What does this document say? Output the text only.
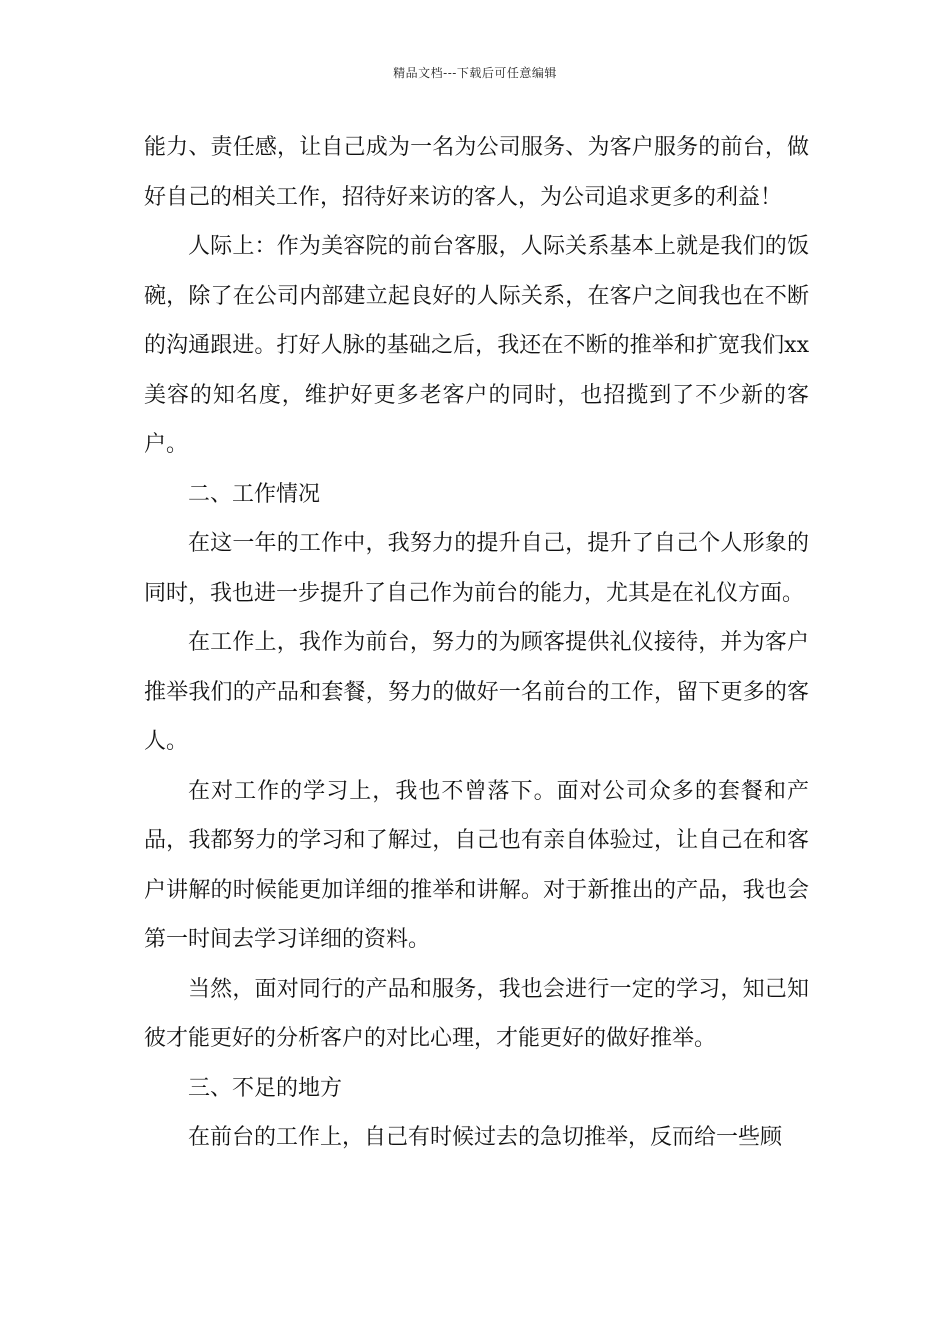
精品文档---下载后可任意编辑

能力、责任感，让自己成为一名为公司服务、为客户服务的前台，做好自己的相关工作，招待好来访的客人，为公司追求更多的利益！

人际上：作为美容院的前台客服，人际关系基本上就是我们的饭碗，除了在公司内部建立起良好的人际关系，在客户之间我也在不断的沟通跟进。打好人脉的基础之后，我还在不断的推举和扩宽我们xx美容的知名度，维护好更多老客户的同时，也招揽到了不少新的客户。

二、工作情况

在这一年的工作中，我努力的提升自己，提升了自己个人形象的同时，我也进一步提升了自己作为前台的能力，尤其是在礼仪方面。

在工作上，我作为前台，努力的为顾客提供礼仪接待，并为客户推举我们的产品和套餐，努力的做好一名前台的工作，留下更多的客人。

在对工作的学习上，我也不曾落下。面对公司众多的套餐和产品，我都努力的学习和了解过，自己也有亲自体验过，让自己在和客户讲解的时候能更加详细的推举和讲解。对于新推出的产品，我也会第一时间去学习详细的资料。

当然，面对同行的产品和服务，我也会进行一定的学习，知己知彼才能更好的分析客户的对比心理，才能更好的做好推举。

三、不足的地方

在前台的工作上，自己有时候过去的急切推举，反而给一些顾
